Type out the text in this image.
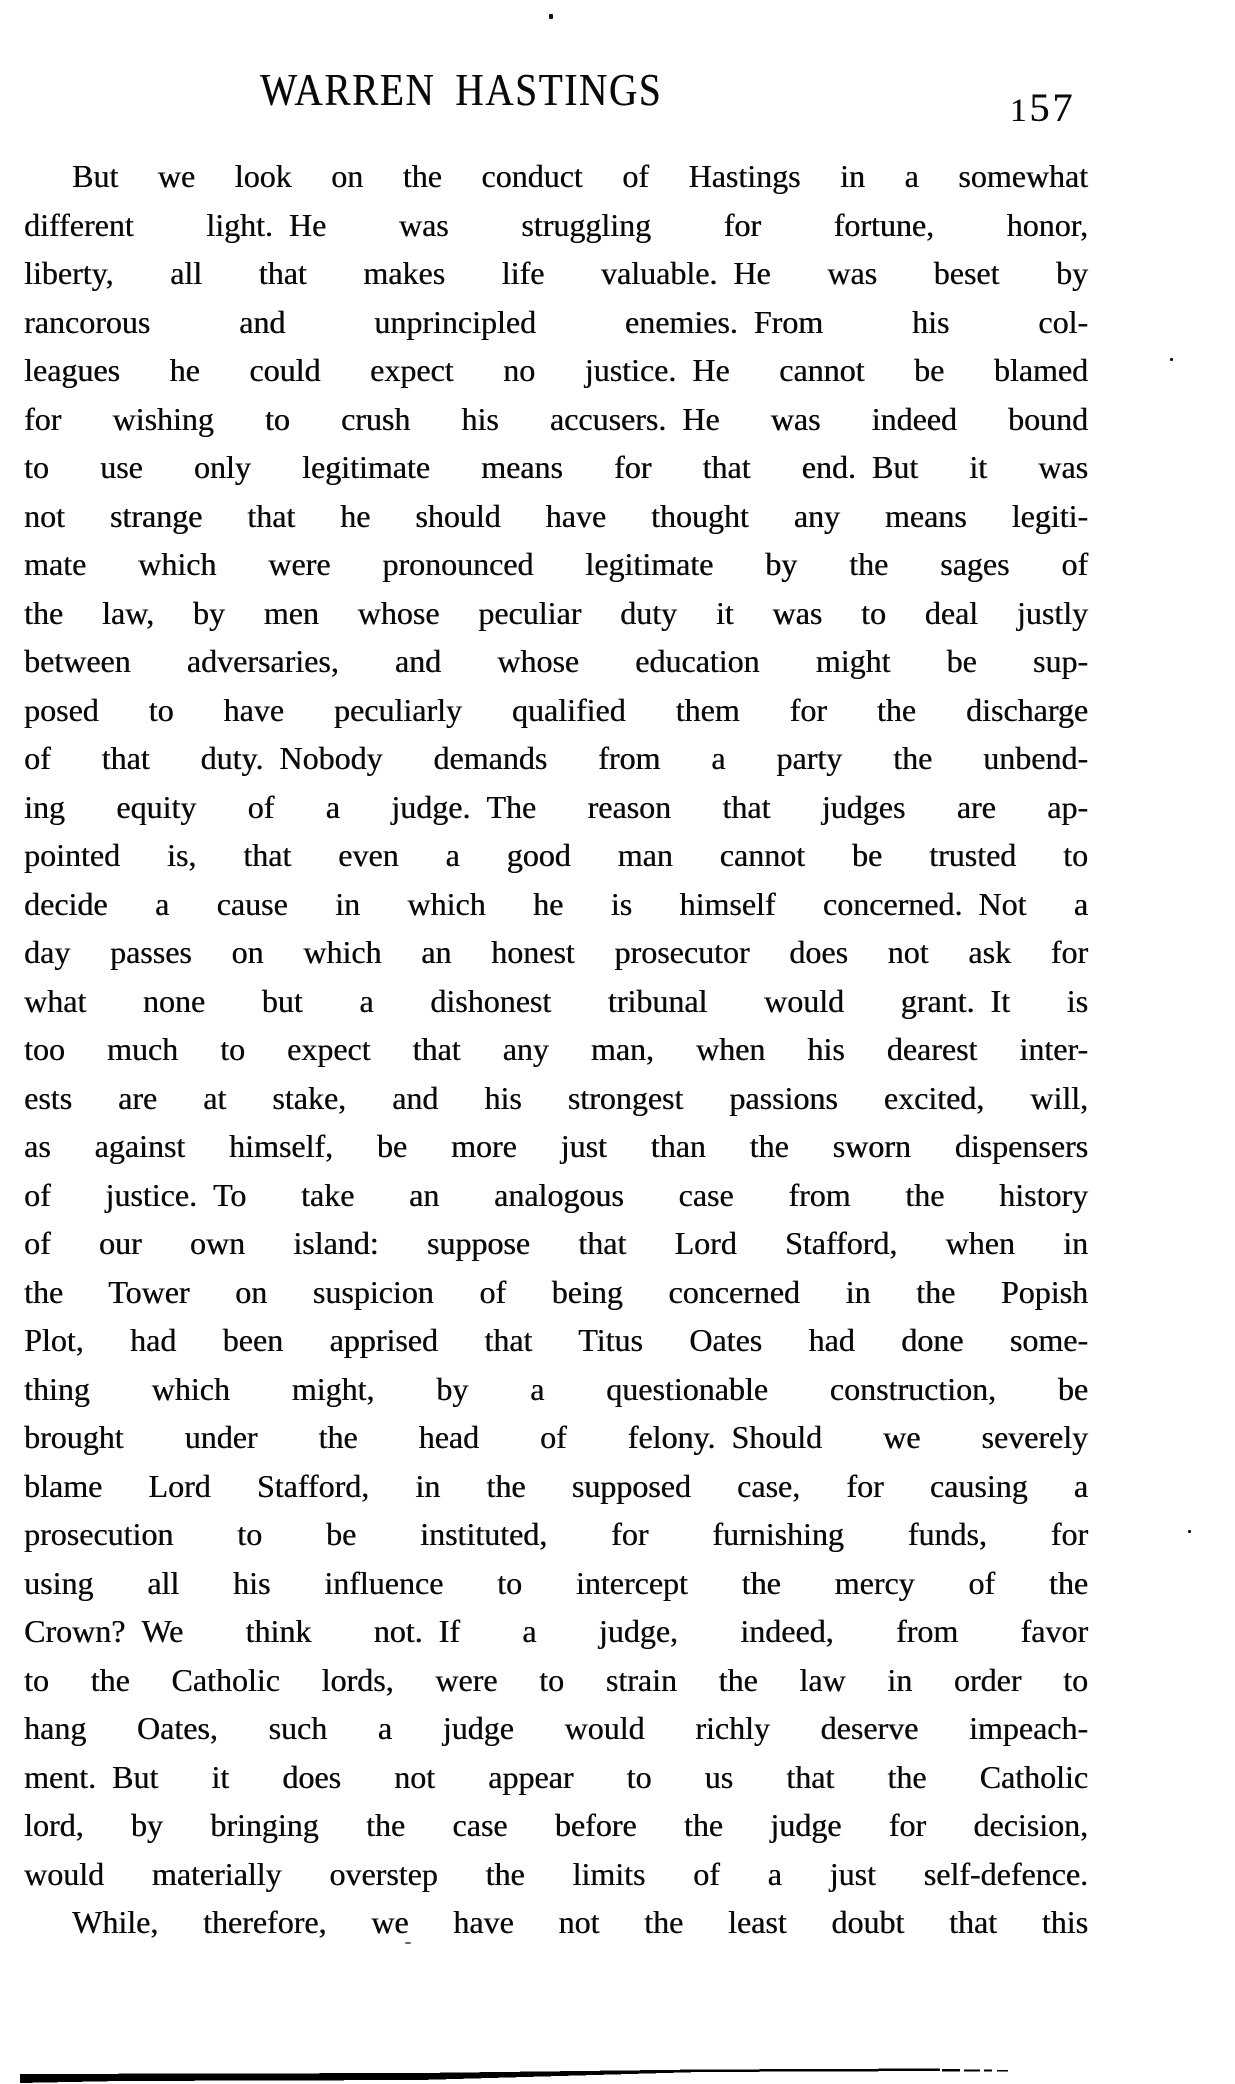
WARREN HASTINGS	157
But we look on the conduct of Hastings in a somewhat
different light. He was struggling for fortune, honor,
liberty, all that makes life valuable. He was beset by
rancorous and unprincipled enemies. From his col-
leagues he could expect no justice. He cannot be blamed
for wishing to crush his accusers. He was indeed bound
to use only legitimate means for that end. But it was
not strange that he should have thought any means legiti-
mate which were pronounced legitimate by the sages of
the law, by men whose peculiar duty it was to deal justly
between adversaries, and whose education might be sup-
posed to have peculiarly qualified them for the discharge
of that duty. Nobody demands from a party the unbend-
ing equity of a judge. The reason that judges are ap-
pointed is, that even a good man cannot be trusted to
decide a cause in which he is himself concerned. Not a
day passes on which an honest prosecutor does not ask for
what none but a dishonest tribunal would grant. It is
too much to expect that any man, when his dearest inter-
ests are at stake, and his strongest passions excited, will,
as against himself, be more just than the sworn dispensers
of justice. To take an analogous case from the history
of our own island: suppose that Lord Stafford, when in
the Tower on suspicion of being concerned in the Popish
Plot, had been apprised that Titus Oates had done some-
thing which might, by a questionable construction, be
brought under the head of felony. Should we severely
blame Lord Stafford, in the supposed case, for causing a
prosecution to be instituted, for furnishing funds, for
using all his influence to intercept the mercy of the
Crown? We think not. If a judge, indeed, from favor
to the Catholic lords, were to strain the law in order to
hang Oates, such a judge would richly deserve impeach-
ment. But it does not appear to us that the Catholic
lord, by bringing the case before the judge for decision,
would materially overstep the limits of a just self-defence.
While, therefore, we have not the least doubt that this
